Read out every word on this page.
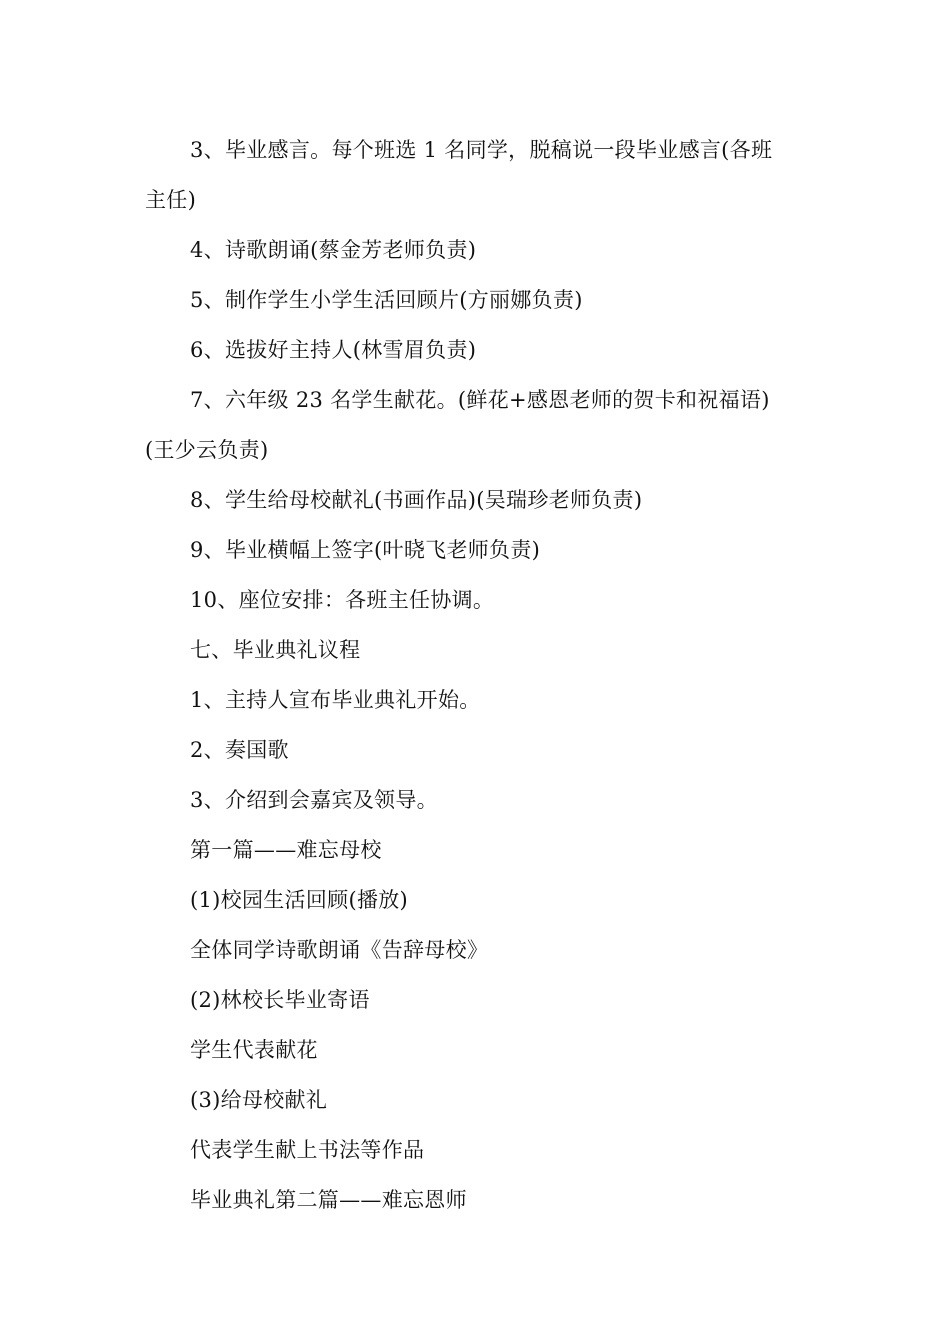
3、毕业感言。每个班选 1 名同学，脱稿说一段毕业感言(各班
主任)
4、诗歌朗诵(蔡金芳老师负责)
5、制作学生小学生活回顾片(方丽娜负责)
6、选拔好主持人(林雪眉负责)
7、六年级 23 名学生献花。(鲜花+感恩老师的贺卡和祝福语)
(王少云负责)
8、学生给母校献礼(书画作品)(吴瑞珍老师负责)
9、毕业横幅上签字(叶晓飞老师负责)
10、座位安排：各班主任协调。
七、毕业典礼议程
1、主持人宣布毕业典礼开始。
2、奏国歌
3、介绍到会嘉宾及领导。
第一篇——难忘母校
(1)校园生活回顾(播放)
全体同学诗歌朗诵《告辞母校》
(2)林校长毕业寄语
学生代表献花
(3)给母校献礼
代表学生献上书法等作品
毕业典礼第二篇——难忘恩师
